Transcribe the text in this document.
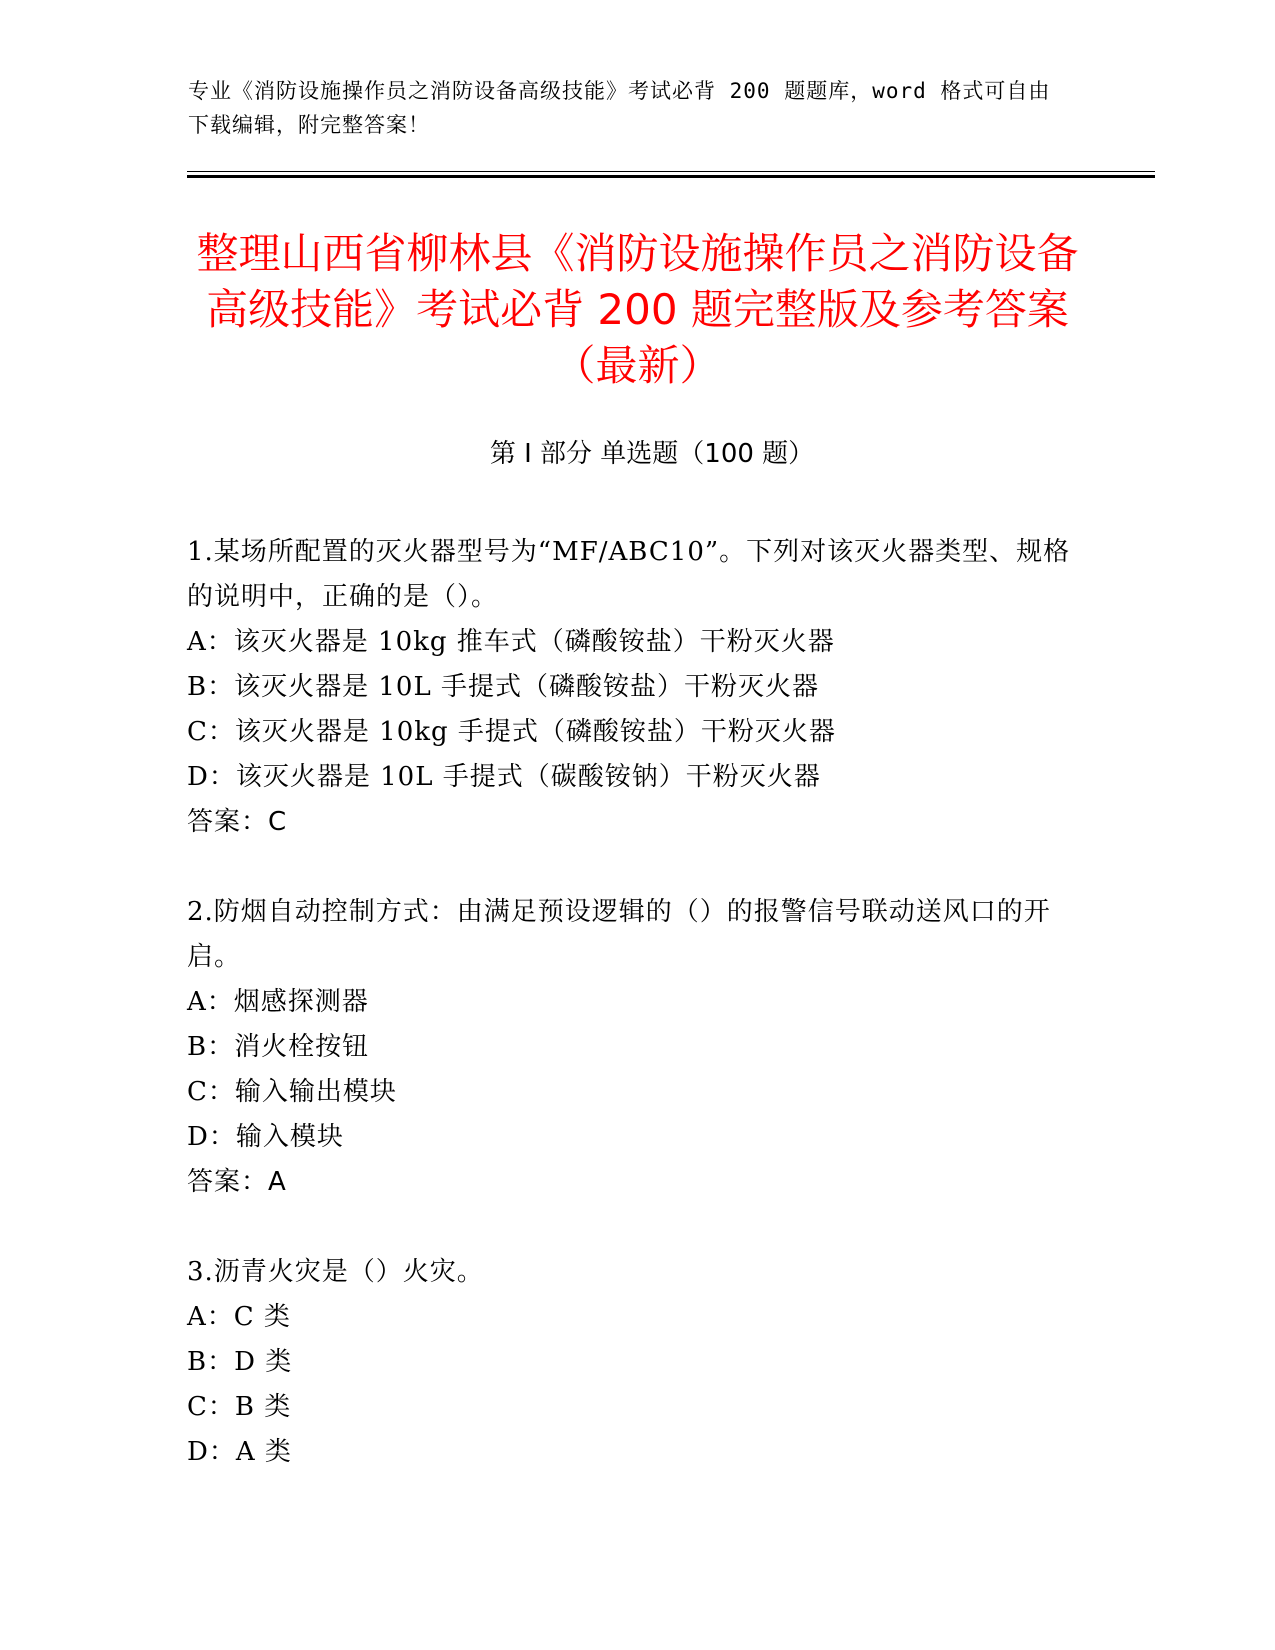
专业《消防设施操作员之消防设备高级技能》考试必背 200 题题库，word 格式可自由下载编辑，附完整答案！
整理山西省柳林县《消防设施操作员之消防设备高级技能》考试必背 200 题完整版及参考答案（最新）
第 I 部分 单选题（100 题）

1.某场所配置的灭火器型号为“MF/ABC10”。下列对该灭火器类型、规格的说明中，正确的是（）。

A：该灭火器是 10kg 推车式（磷酸铵盐）干粉灭火器

B：该灭火器是 10L 手提式（磷酸铵盐）干粉灭火器

C：该灭火器是 10kg 手提式（磷酸铵盐）干粉灭火器

D：该灭火器是 10L 手提式（碳酸铵钠）干粉灭火器

答案：C

2.防烟自动控制方式：由满足预设逻辑的（）的报警信号联动送风口的开启。

A：烟感探测器

B：消火栓按钮

C：输入输出模块

D：输入模块

答案：A

3.沥青火灾是（）火灾。

A：C 类

B：D 类

C：B 类

D：A 类
